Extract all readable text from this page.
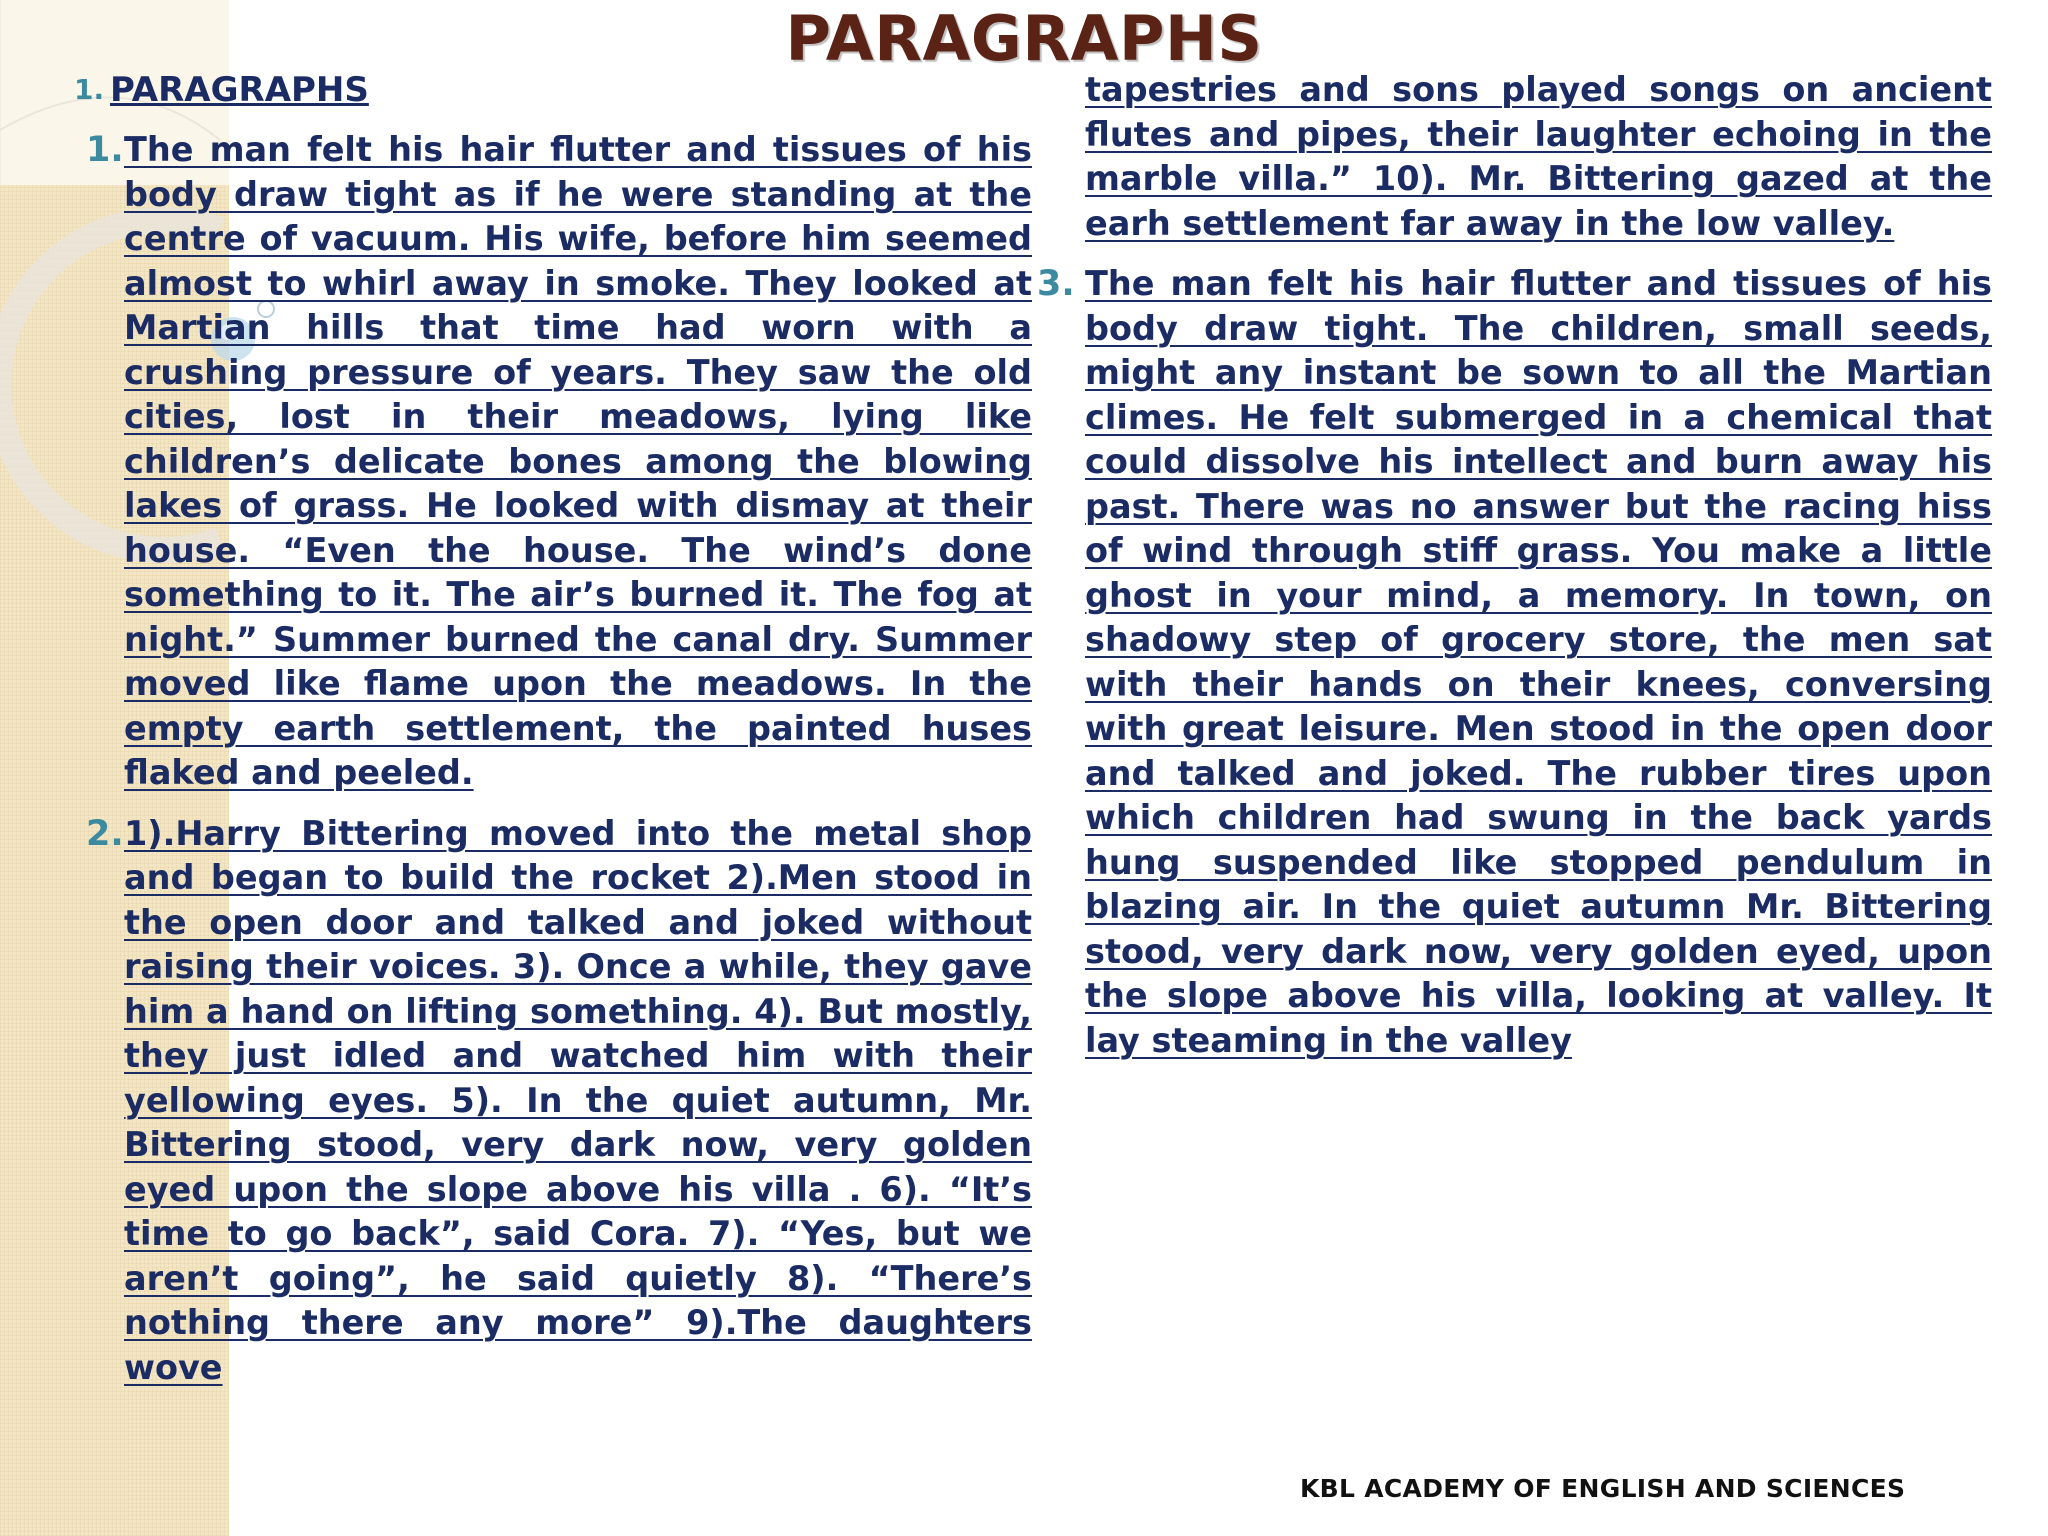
PARAGRAPHS
1. PARAGRAPHS
1. The man felt his hair flutter and tissues of his body draw tight as if he were standing at the centre of vacuum. His wife, before him seemed almost to whirl away in smoke. They looked at Martian hills that time had worn with a crushing pressure of years. They saw the old cities, lost in their meadows, lying like children’s delicate bones among the blowing lakes of grass. He looked with dismay at their house. “Even the house. The wind’s done something to it. The air’s burned it. The fog at night.” Summer burned the canal dry. Summer moved like flame upon the meadows. In the empty earth settlement, the painted huses flaked and peeled.
2. 1).Harry Bittering moved into the metal shop and began to build the rocket 2).Men stood in the open door and talked and joked without raising their voices. 3). Once a while, they gave him a hand on lifting something. 4). But mostly, they just idled and watched him with their yellowing eyes. 5). In the quiet autumn, Mr. Bittering stood, very dark now, very golden eyed upon the slope above his villa . 6). “It’s time to go back”, said Cora. 7). “Yes, but we aren’t going”, he said quietly 8). “There’s nothing there any more” 9).The daughters wove
tapestries and sons played songs on ancient flutes and pipes, their laughter echoing in the marble villa.” 10). Mr. Bittering gazed at the earh settlement far away in the low valley.
3. The man felt his hair flutter and tissues of his body draw tight. The children, small seeds, might any instant be sown to all the Martian climes. He felt submerged in a chemical that could dissolve his intellect and burn away his past. There was no answer but the racing hiss of wind through stiff grass. You make a little ghost in your mind, a memory. In town, on shadowy step of grocery store, the men sat with their hands on their knees, conversing with great leisure. Men stood in the open door and talked and joked. The rubber tires upon which children had swung in the back yards hung suspended like stopped pendulum in blazing air. In the quiet autumn Mr. Bittering stood, very dark now, very golden eyed, upon the slope above his villa, looking at valley. It lay steaming in the valley
KBL ACADEMY OF ENGLISH AND SCIENCES
